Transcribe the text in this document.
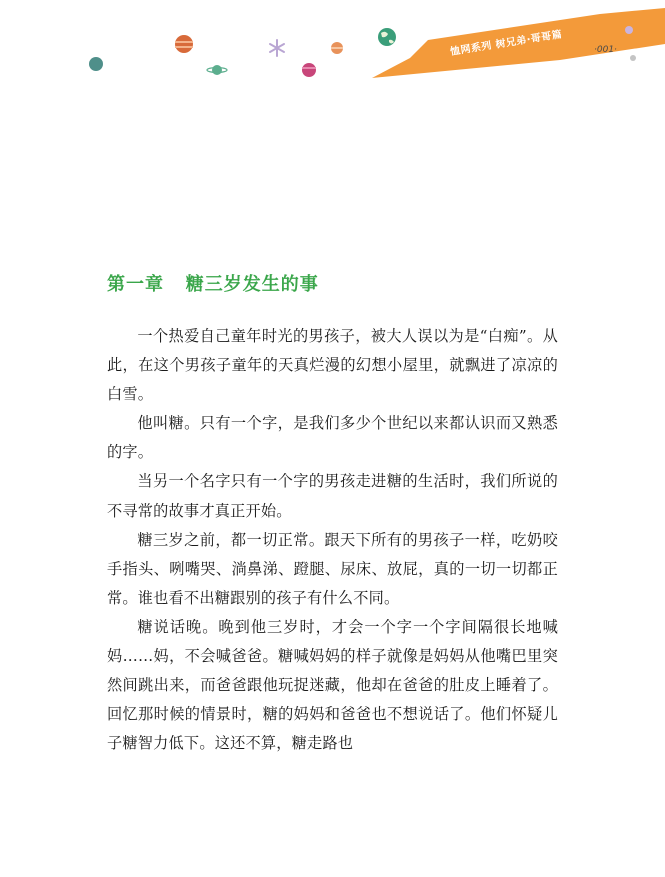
恤网系列 树兄弟·哥哥篇	·001·
第一章   糖三岁发生的事

一个热爱自己童年时光的男孩子，被大人误以为是“白痴”。从此，在这个男孩子童年的天真烂漫的幻想小屋里，就飘进了凉凉的白雪。

他叫糖。只有一个字，是我们多少个世纪以来都认识而又熟悉的字。

当另一个名字只有一个字的男孩走进糖的生活时，我们所说的不寻常的故事才真正开始。

糖三岁之前，都一切正常。跟天下所有的男孩子一样，吃奶咬手指头、咧嘴哭、淌鼻涕、蹬腿、尿床、放屁，真的一切一切都正常。谁也看不出糖跟别的孩子有什么不同。

糖说话晚。晚到他三岁时，才会一个字一个字间隔很长地喊妈……妈，不会喊爸爸。糖喊妈妈的样子就像是妈妈从他嘴巴里突然间跳出来，而爸爸跟他玩捉迷藏，他却在爸爸的肚皮上睡着了。回忆那时候的情景时，糖的妈妈和爸爸也不想说话了。他们怀疑儿子糖智力低下。这还不算，糖走路也
